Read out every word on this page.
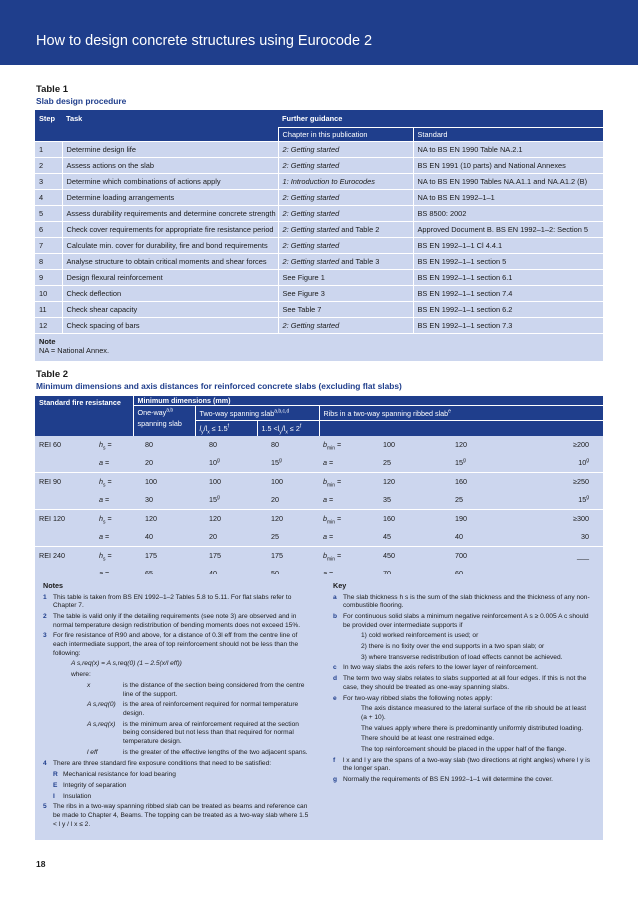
How to design concrete structures using Eurocode 2
Table 1
Slab design procedure
Step	Task	Further guidance	
		Chapter in this publication	Standard
1	Determine design life	2: Getting started	NA to BS EN 1990 Table NA.2.1
2	Assess actions on the slab	2: Getting started	BS EN 1991 (10 parts) and National Annexes
3	Determine which combinations of actions apply	1: Introduction to Eurocodes	NA to BS EN 1990 Tables NA.A1.1 and NA.A1.2 (B)
4	Determine loading arrangements	2: Getting started	NA to BS EN 1992–1–1
5	Assess durability requirements and determine concrete strength	2: Getting started	BS 8500: 2002
6	Check cover requirements for appropriate fire resistance period	2: Getting started and Table 2	Approved Document B. BS EN 1992–1–2: Section 5
7	Calculate min. cover for durability, fire and bond requirements	2: Getting started	BS EN 1992–1–1 Cl 4.4.1
8	Analyse structure to obtain critical moments and shear forces	2: Getting started and Table 3	BS EN 1992–1–1 section 5
9	Design flexural reinforcement	See Figure 1	BS EN 1992–1–1 section 6.1
10	Check deflection	See Figure 3	BS EN 1992–1–1 section 7.4
11	Check shear capacity	See Table 7	BS EN 1992–1–1 section 6.2
12	Check spacing of bars	2: Getting started	BS EN 1992–1–1 section 7.3

Note
NA = National Annex.			
Table 2
Minimum dimensions and axis distances for reinforced concrete slabs (excluding flat slabs)
Standard fire resistance		Minimum dimensions (mm)						
		One-way$^{a,b}$
spanning slab	Two-way spanning slab$^{a,b,c,d}$		Ribs in a two-way spanning ribbed slab$^e$
			$l_y/l_x \le 1.5^f$	$1.5 <l_y/l_x \le 2^f$	
REI 60	$h_s$ =	80	80	80	$b_{min}$ =	100	120	≥200
	a =	20	10$^g$	15$^g$	a =	25	15$^g$	10$^g$
REI 90	$h_s$ =	100	100	100	$b_{min}$ =	120	160	≥250
	a =	30	15$^g$	20	a =	35	25	15$^g$
REI 120	$h_s$ =	120	120	120	$b_{min}$ =	160	190	≥300
	a =	40	20	25	a =	45	40	30
REI 240	$h_s$ =	175	175	175	$b_{min}$ =	450	700	___

Notes
1 This table is taken from BS EN 1992–1–2 Tables 5.8 to 5.11. For flat slabs refer to Chapter 7.
2 The table is valid only if the detailing requirements (see note 3) are observed and in normal temperature design redistribution of bending moments does not exceed 15%.
3 For fire resistance of R90 and above, for a distance of 0.3l eff from the centre line of each intermediate support, the area of top reinforcement should not be less than the following:
A s,req(x) = A s,req(0) (1 – 2.5(x/l eff))
where:
x	is the distance of the section being considered from the centre line of the support.
A s,req(0) is the area of reinforcement required for normal temperature design.
A s,req(x) is the minimum area of reinforcement required at the section being considered but not less than that required for normal temperature design.
l eff	is the greater of the effective lengths of the two adjacent spans.
4 There are three standard fire exposure conditions that need to be satisfied:
R Mechanical resistance for load bearing
E Integrity of separation
I Insulation
5 The ribs in a two-way spanning ribbed slab can be treated as beams and reference can be made to Chapter 4, Beams. The topping can be treated as a two-way slab where 1.5 < l y / l x ≤ 2.
Key
a The slab thickness h s is the sum of the slab thickness and the thickness of any non-combustible flooring.
b For continuous solid slabs a minimum negative reinforcement A s ≥ 0.005 A c should be provided over intermediate supports if
1) cold worked reinforcement is used; or
2) there is no fixity over the end supports in a two span slab; or
3) where transverse redistribution of load effects cannot be achieved.
c In two way slabs the axis refers to the lower layer of reinforcement.
d The term two way slabs relates to slabs supported at all four edges. If this is not the case, they should be treated as one-way spanning slabs.
e For two-way ribbed slabs the following notes apply:
The axis distance measured to the lateral surface of the rib should be at least (a + 10).
The values apply where there is predominantly uniformly distributed loading.
There should be at least one restrained edge.
The top reinforcement should be placed in the upper half of the flange.
f l x and l y are the spans of a two-way slab (two directions at right angles) where l y is the longer span.
g Normally the requirements of BS EN 1992–1–1 will determine the cover.
18
